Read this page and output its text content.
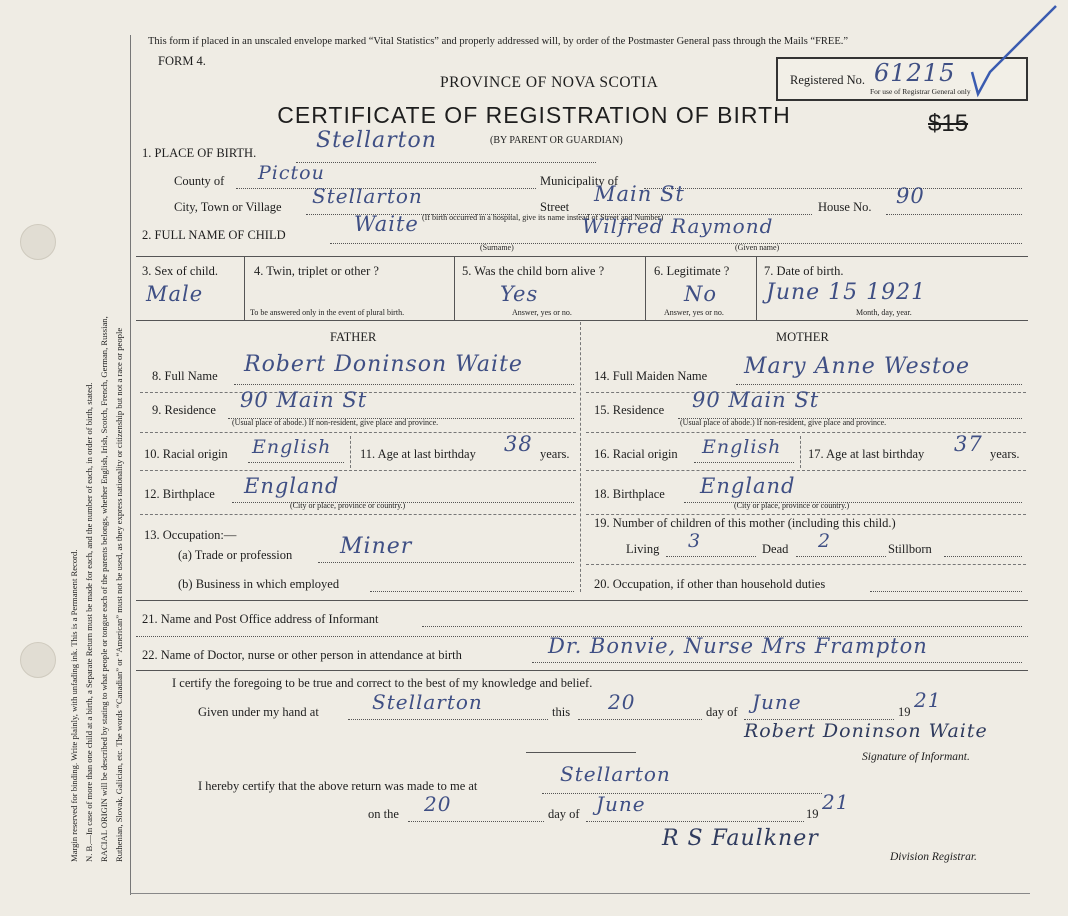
Margin reserved for binding. Write plainly, with unfading ink. This is a Permanent Record. N. B.—In case of more than one child at a birth, a Separate Return must be made for each, and the number of each, in order of birth, stated. RACIAL ORIGIN will be described by stating to what people or tongue each of the parents belongs, whether English, Irish, Scotch, French, German, Russian, Ruthenian, Slovak, Galician, etc. The words “Canadian” or “American” must not be used, as they express nationality or citizenship but not a race or people
This form if placed in an unscaled envelope marked “Vital Statistics” and properly addressed will, by order of the Postmaster General pass through the Mails “FREE.”
FORM 4.
PROVINCE OF NOVA SCOTIA
CERTIFICATE OF REGISTRATION OF BIRTH
(BY PARENT OR GUARDIAN)
Registered No. 61215
For use of Registrar General only
$15
1. PLACE OF BIRTH.	Stellarton
County of Pictou	Municipality of
City, Town or Village Stellarton	Street
Main St
House No. 90
(If birth occurred in a hospital, give its name instead of Street and Number)
2. FULL NAME OF CHILD	Waite	Wilfred Raymond
(Surname)	(Given name)
3. Sex of child.
Male
4. Twin, triplet or other ?
To be answered only in the event of plural birth.
5. Was the child born alive ?
Yes
Answer, yes or no.
6. Legitimate ?
No
Answer, yes or no.
7. Date of birth.
June 15 1921
Month, day, year.
FATHER	MOTHER
8. Full Name Robert Doninson Waite
9. Residence 90 Main St
(Usual place of abode.) If non-resident, give place and province.
10. Racial origin English 11. Age at last birthday 38 years.
12. Birthplace England
(City or place, province or country.)
13. Occupation:—
(a) Trade or profession Miner
(b) Business in which employed
14. Full Maiden Name Mary Anne Westoe
15. Residence 90 Main St
(Usual place of abode.) If non-resident, give place and province.
16. Racial origin English 17. Age at last birthday 37 years.
18. Birthplace England
(City or place, province or country.)
19. Number of children of this mother (including this child.)
Living 3	Dead 2	Stillborn
20. Occupation, if other than household duties
21. Name and Post Office address of Informant
22. Name of Doctor, nurse or other person in attendance at birth	Dr. Bonvie, Nurse Mrs Frampton
I certify the foregoing to be true and correct to the best of my knowledge and belief.
Given under my hand at	Stellarton	this 20	day of June	19 21
Robert Doninson Waite
Signature of Informant.
I hereby certify that the above return was made to me at	Stellarton
on the 20	day of June	19 21
R S Faulkner
Division Registrar.
